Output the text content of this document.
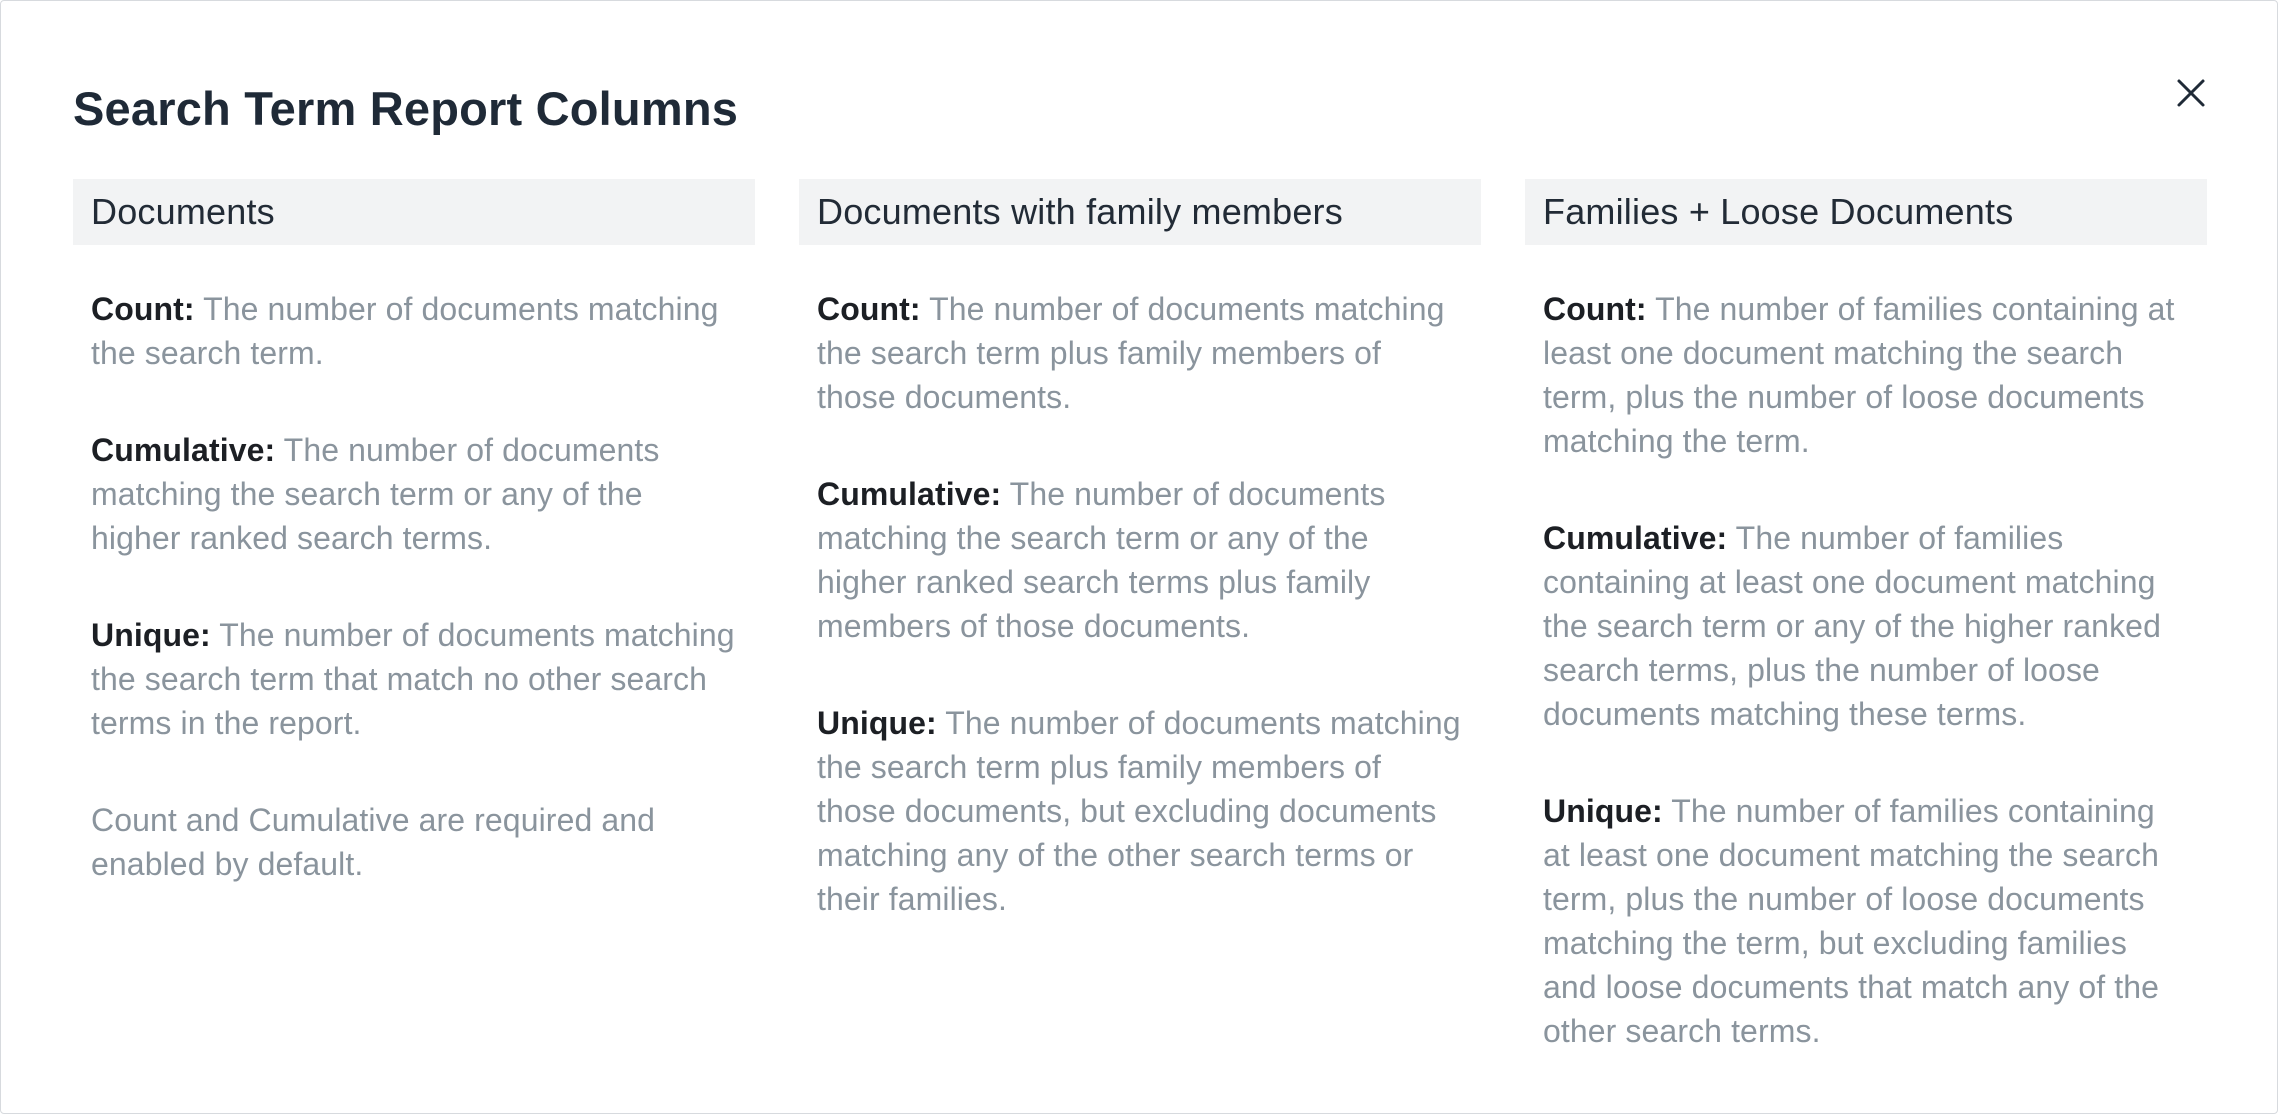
Search Term Report Columns
Documents

Count: The number of documents matching the search term.

Cumulative: The number of documents matching the search term or any of the higher ranked search terms.

Unique: The number of documents matching the search term that match no other search terms in the report.

Count and Cumulative are required and enabled by default.

Documents with family members

Count: The number of documents matching the search term plus family members of those documents.

Cumulative: The number of documents matching the search term or any of the higher ranked search terms plus family members of those documents.

Unique: The number of documents matching the search term plus family members of those documents, but excluding documents matching any of the other search terms or their families.

Families + Loose Documents

Count: The number of families containing at least one document matching the search term, plus the number of loose documents matching the term.

Cumulative: The number of families containing at least one document matching the search term or any of the higher ranked search terms, plus the number of loose documents matching these terms.

Unique: The number of families containing at least one document matching the search term, plus the number of loose documents matching the term, but excluding families and loose documents that match any of the other search terms.
